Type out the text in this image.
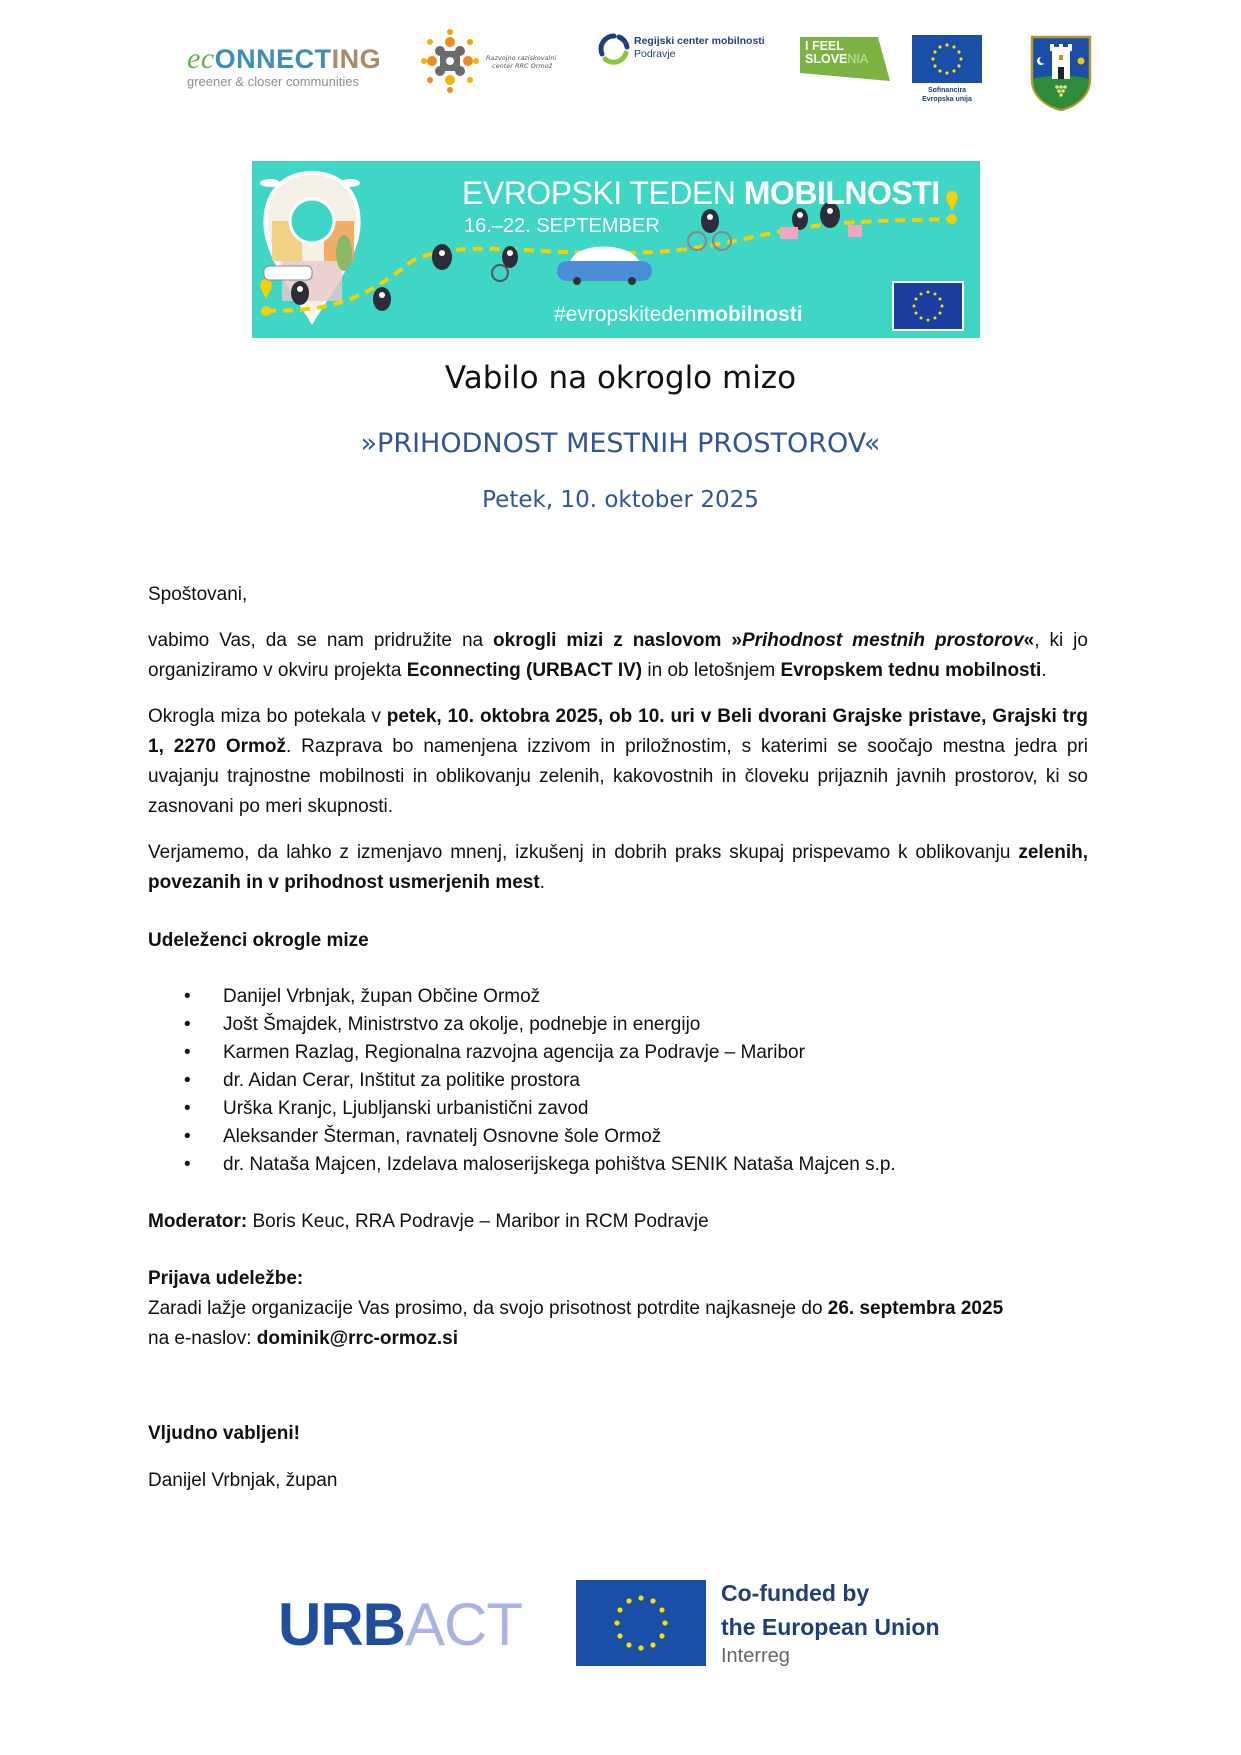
ecONNECTING
greener & closer communities
Razvojno raziskovalni
center RRC Ormož
Regijski center mobilnosti
Podravje
I FEEL
SLOVENIA
Sofinancira
Evropska unija
EVROPSKI TEDEN MOBILNOSTI
16.–22. SEPTEMBER
#evropskitedenmobilnosti
Vabilo na okroglo mizo
»PRIHODNOST MESTNIH PROSTOROV«
Petek, 10. oktober 2025
Spoštovani,
vabimo Vas, da se nam pridružite na okrogli mizi z naslovom »Prihodnost mestnih prostorov«, ki jo organiziramo v okviru projekta Econnecting (URBACT IV) in ob letošnjem Evropskem tednu mobilnosti.
Okrogla miza bo potekala v petek, 10. oktobra 2025, ob 10. uri v Beli dvorani Grajske pristave, Grajski trg 1, 2270 Ormož. Razprava bo namenjena izzivom in priložnostim, s katerimi se soočajo mestna jedra pri uvajanju trajnostne mobilnosti in oblikovanju zelenih, kakovostnih in človeku prijaznih javnih prostorov, ki so zasnovani po meri skupnosti.
Verjamemo, da lahko z izmenjavo mnenj, izkušenj in dobrih praks skupaj prispevamo k oblikovanju zelenih, povezanih in v prihodnost usmerjenih mest.
Udeleženci okrogle mize
• Danijel Vrbnjak, župan Občine Ormož
• Jošt Šmajdek, Ministrstvo za okolje, podnebje in energijo
• Karmen Razlag, Regionalna razvojna agencija za Podravje – Maribor
• dr. Aidan Cerar, Inštitut za politike prostora
• Urška Kranjc, Ljubljanski urbanistični zavod
• Aleksander Šterman, ravnatelj Osnovne šole Ormož
• dr. Nataša Majcen, Izdelava maloserijskega pohištva SENIK Nataša Majcen s.p.
Moderator: Boris Keuc, RRA Podravje – Maribor in RCM Podravje
Prijava udeležbe:
Zaradi lažje organizacije Vas prosimo, da svojo prisotnost potrdite najkasneje do 26. septembra 2025
na e-naslov: dominik@rrc-ormoz.si
Vljudno vabljeni!
Danijel Vrbnjak, župan
URBACT	Co-funded by
the European Union
Interreg
